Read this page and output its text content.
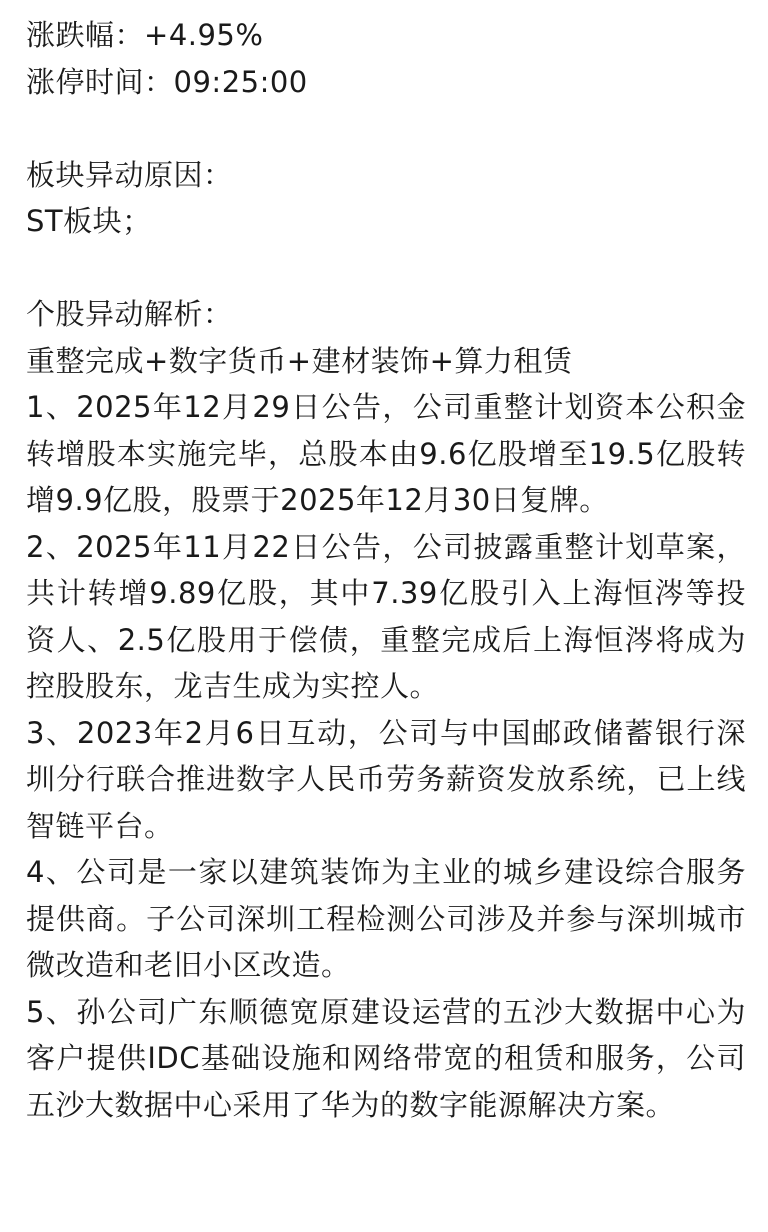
涨跌幅：+4.95%
涨停时间：09:25:00
板块异动原因：
ST板块；
个股异动解析：
重整完成+数字货币+建材装饰+算力租赁
1、2025年12月29日公告，公司重整计划资本公积金转增股本实施完毕，总股本由9.6亿股增至19.5亿股转增9.9亿股，股票于2025年12月30日复牌。
2、2025年11月22日公告，公司披露重整计划草案，共计转增9.89亿股，其中7.39亿股引入上海恒涔等投资人、2.5亿股用于偿债，重整完成后上海恒涔将成为控股股东，龙吉生成为实控人。
3、2023年2月6日互动，公司与中国邮政储蓄银行深圳分行联合推进数字人民币劳务薪资发放系统，已上线智链平台。
4、公司是一家以建筑装饰为主业的城乡建设综合服务提供商。子公司深圳工程检测公司涉及并参与深圳城市微改造和老旧小区改造。
5、孙公司广东顺德宽原建设运营的五沙大数据中心为客户提供IDC基础设施和网络带宽的租赁和服务，公司五沙大数据中心采用了华为的数字能源解决方案。
